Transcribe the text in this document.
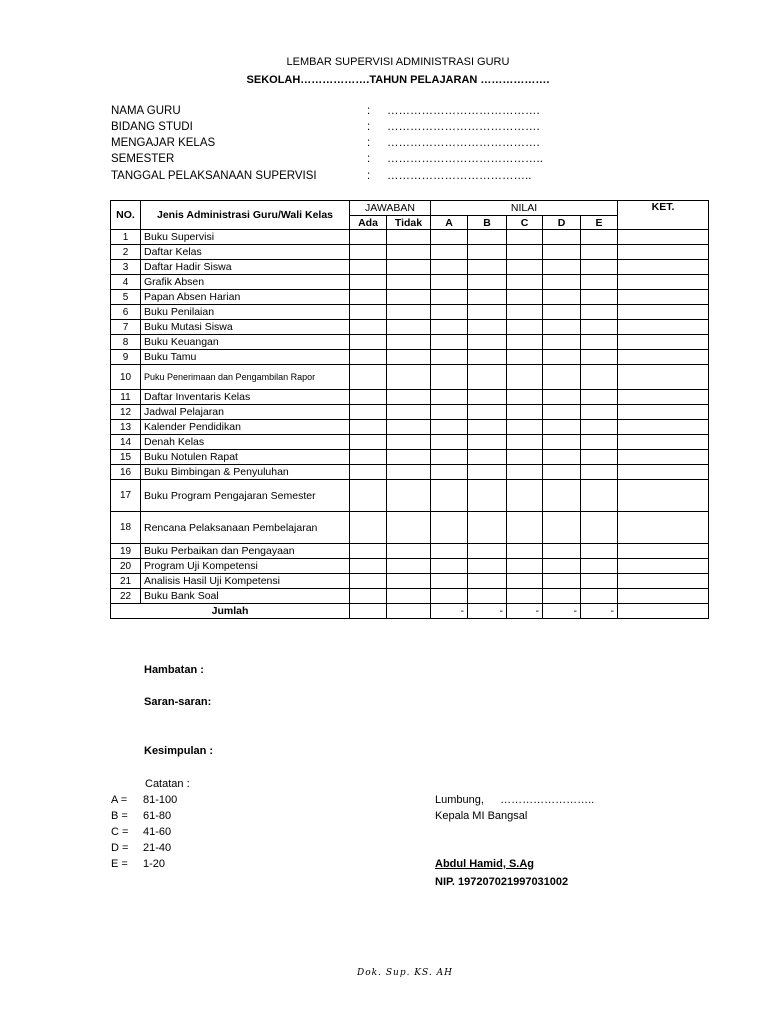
LEMBAR SUPERVISI ADMINISTRASI GURU
SEKOLAH……………….TAHUN PELAJARAN ……………….
NAMA GURU	: ………………………………….
BIDANG STUDI	: ………………………………….
MENGAJAR KELAS	: ………………………………….
SEMESTER	: …………………………………..
TANGGAL PELAKSANAAN SUPERVISI	: ………………………………..
NO.	Jenis Administrasi Guru/Wali Kelas	JAWABAN		NILAI					KET.
		Ada	Tidak	A	B	C	D	E	
1	Buku Supervisi								
2	Daftar Kelas								
3	Daftar Hadir Siswa								
4	Grafik Absen								
5	Papan Absen Harian								
6	Buku Penilaian								
7	Buku Mutasi Siswa								
8	Buku Keuangan								
9	Buku Tamu								
10	Puku Penerimaan dan Pengambilan Rapor								
11	Daftar Inventaris Kelas								
12	Jadwal Pelajaran								
13	Kalender Pendidikan								
14	Denah Kelas								
15	Buku Notulen Rapat								
16	Buku Bimbingan & Penyuluhan								
17	Buku Program Pengajaran Semester								
18	Rencana Pelaksanaan Pembelajaran								
19	Buku Perbaikan dan Pengayaan								
20	Program Uji Kompetensi								
21	Analisis Hasil Uji Kompetensi								
22	Buku Bank Soal								
Jumlah				-	-	-	-	-	
Hambatan :
Saran-saran:
Kesimpulan :
Catatan :
A = 81-100
B = 61-80
C = 41-60
D = 21-40
E = 1-20
Lumbung, ……………………..
Kepala MI Bangsal
Abdul Hamid, S.Ag
NIP. 197207021997031002
Dok. Sup. KS. AH
